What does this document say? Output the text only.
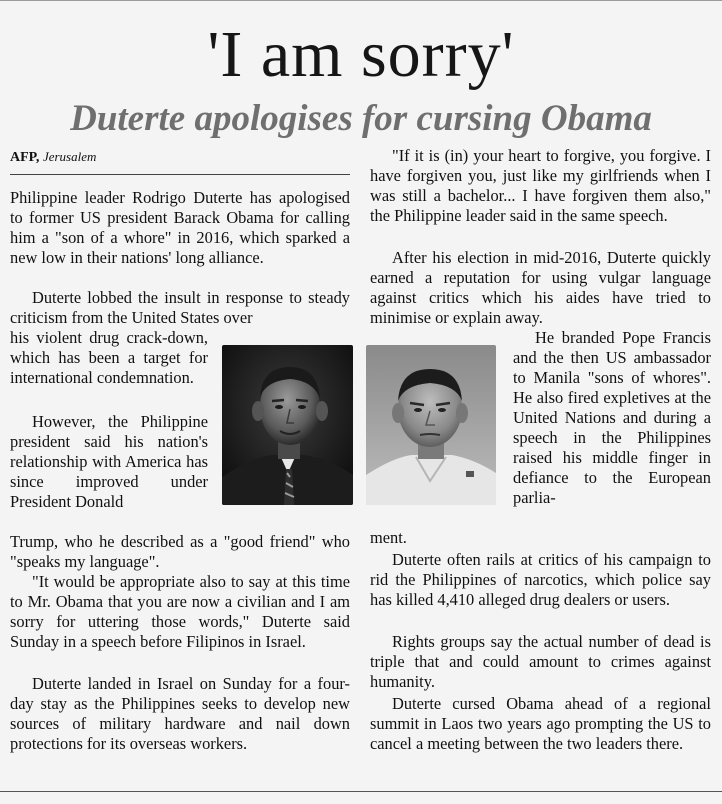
'I am sorry'
Duterte apologises for cursing Obama
AFP, Jerusalem

Philippine leader Rodrigo Duterte has apologised to former US president Barack Obama for calling him a "son of a whore" in 2016, which sparked a new low in their nations' long alliance.

Duterte lobbed the insult in response to steady criticism from the United States over

his violent drug crack-down, which has been a target for international condemnation.

However, the Philippine president said his nation's relationship with America has since improved under President Donald

Trump, who he described as a "good friend" who "speaks my language".

"It would be appropriate also to say at this time to Mr. Obama that you are now a civilian and I am sorry for uttering those words," Duterte said Sunday in a speech before Filipinos in Israel.

Duterte landed in Israel on Sunday for a four-day stay as the Philippines seeks to develop new sources of military hardware and nail down protections for its overseas workers.

"If it is (in) your heart to forgive, you forgive. I have forgiven you, just like my girlfriends when I was still a bachelor... I have forgiven them also," the Philippine leader said in the same speech.

After his election in mid-2016, Duterte quickly earned a reputation for using vulgar language against critics which his aides have tried to minimise or explain away.

He branded Pope Francis and the then US ambassador to Manila "sons of whores". He also fired expletives at the United Nations and during a speech in the Philippines raised his middle finger in defiance to the European parlia-

ment.

Duterte often rails at critics of his campaign to rid the Philippines of narcotics, which police say has killed 4,410 alleged drug dealers or users.

Rights groups say the actual number of dead is triple that and could amount to crimes against humanity.

Duterte cursed Obama ahead of a regional summit in Laos two years ago prompting the US to cancel a meeting between the two leaders there.
